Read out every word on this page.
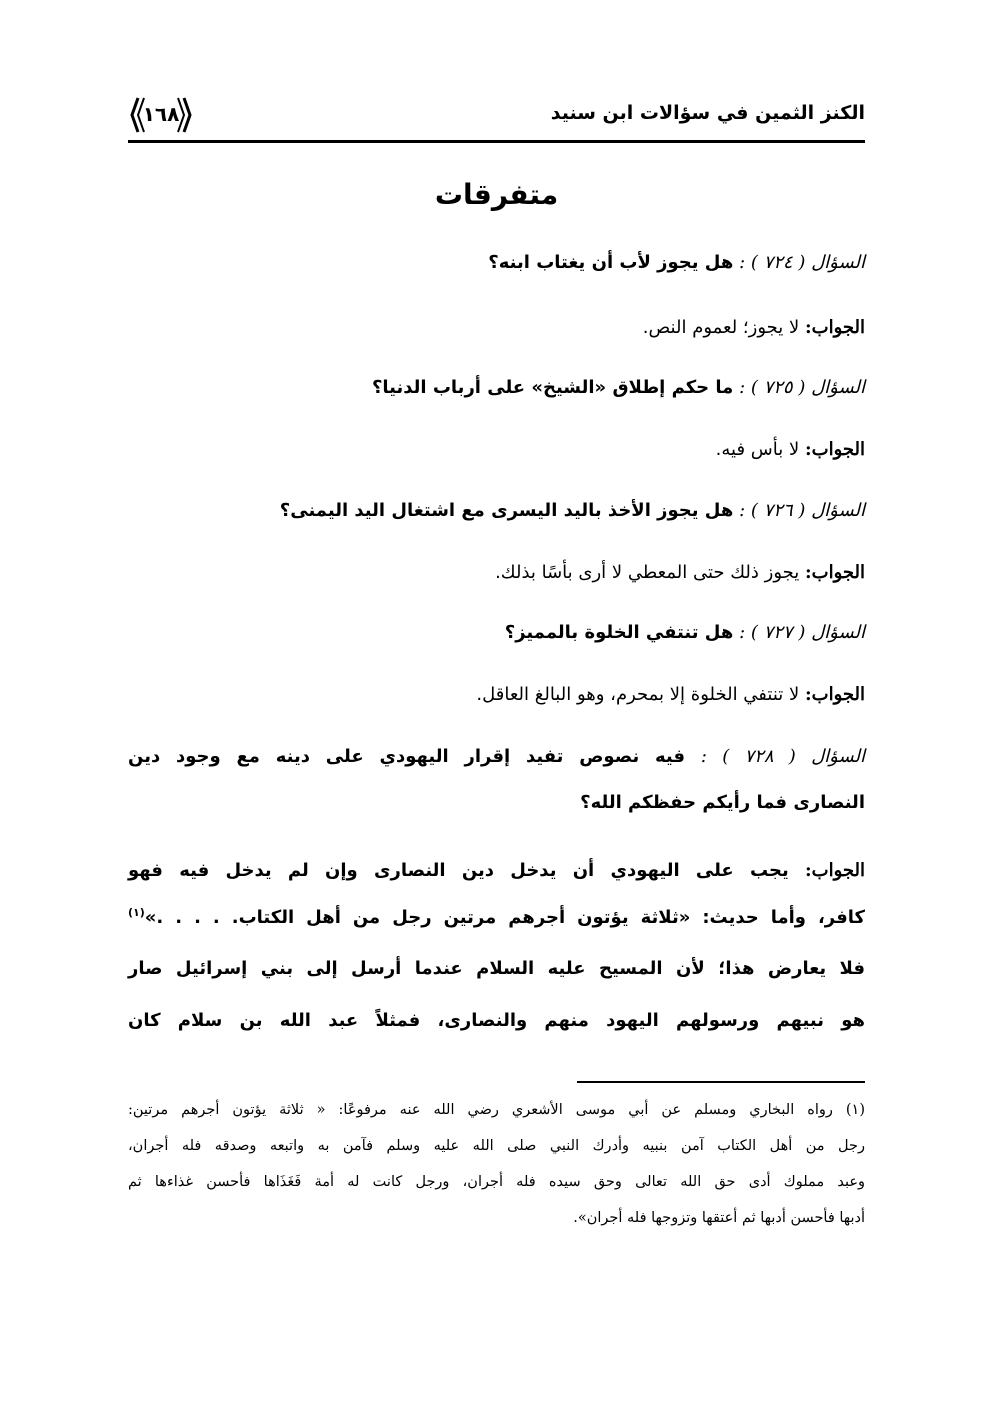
الكنز الثمين في سؤالات ابن سنيد
١٦٨
متفرقات
السؤال ( ٧٢٤ ) : هل يجوز لأب أن يغتاب ابنه؟
الجواب: لا يجوز؛ لعموم النص.
السؤال ( ٧٢٥ ) : ما حكم إطلاق «الشيخ» على أرباب الدنيا؟
الجواب: لا بأس فيه.
السؤال ( ٧٢٦ ) : هل يجوز الأخذ باليد اليسرى مع اشتغال اليد اليمنى؟
الجواب: يجوز ذلك حتى المعطي لا أرى بأسًا بذلك.
السؤال ( ٧٢٧ ) : هل تنتفي الخلوة بالمميز؟
الجواب: لا تنتفي الخلوة إلا بمحرم، وهو البالغ العاقل.
السؤال ( ٧٢٨ ) : فيه نصوص تفيد إقرار اليهودي على دينه مع وجود دين
النصارى فما رأيكم حفظكم الله؟
الجواب: يجب على اليهودي أن يدخل دين النصارى وإن لم يدخل فيه فهو
كافر، وأما حديث: «ثلاثة يؤتون أجرهم مرتين رجل من أهل الكتاب. . . . .»$^{(١)}$
فلا يعارض هذا؛ لأن المسيح عليه السلام عندما أرسل إلى بني إسرائيل صار
هو نبيهم ورسولهم اليهود منهم والنصارى، فمثلاً عبد الله بن سلام كان
(١) رواه البخاري ومسلم عن أبي موسى الأشعري رضي الله عنه مرفوعًا: « ثلاثة يؤتون أجرهم مرتين:
رجل من أهل الكتاب آمن بنبيه وأدرك النبي صلى الله عليه وسلم فآمن به واتبعه وصدقه فله أجران،
وعبد مملوك أدى حق الله تعالى وحق سيده فله أجران، ورجل كانت له أمة فَغَذَاها فأحسن غذاءها ثم
أدبها فأحسن أدبها ثم أعتقها وتزوجها فله أجران».
